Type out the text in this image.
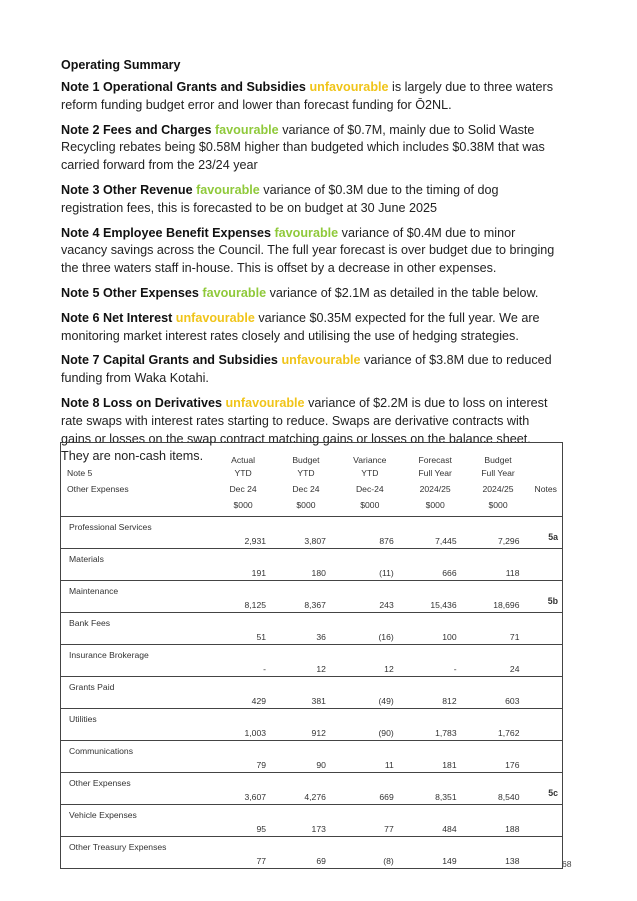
Operating Summary

Note 1 Operational Grants and Subsidies unfavourable is largely due to three waters reform funding budget error and lower than forecast funding for Ō2NL.

Note 2 Fees and Charges favourable variance of $0.7M, mainly due to Solid Waste Recycling rebates being $0.58M higher than budgeted which includes $0.38M that was carried forward from the 23/24 year

Note 3 Other Revenue favourable variance of $0.3M due to the timing of dog registration fees, this is forecasted to be on budget at 30 June 2025

Note 4 Employee Benefit Expenses favourable variance of $0.4M due to minor vacancy savings across the Council. The full year forecast is over budget due to bringing the three waters staff in-house. This is offset by a decrease in other expenses.

Note 5 Other Expenses favourable variance of $2.1M as detailed in the table below.

Note 6 Net Interest unfavourable variance $0.35M expected for the full year. We are monitoring market interest rates closely and utilising the use of hedging strategies.

Note 7 Capital Grants and Subsidies unfavourable variance of $3.8M due to reduced funding from Waka Kotahi.

Note 8 Loss on Derivatives unfavourable variance of $2.2M is due to loss on interest rate swaps with interest rates starting to reduce. Swaps are derivative contracts with gains or losses on the swap contract matching gains or losses on the balance sheet. They are non-cash items.

		Actual	Budget	Variance	Forecast	Budget	
Note 5	YTD	YTD	YTD	Full Year	Full Year	
Other Expenses	Dec 24	Dec 24	Dec-24	2024/25	2024/25	Notes
	$000	$000	$000	$000	$000	
Professional Services	2,931	3,807	876	7,445	7,296	5a
Materials	191	180	(11)	666	118	
Maintenance	8,125	8,367	243	15,436	18,696	5b
Bank Fees	51	36	(16)	100	71	
Insurance Brokerage	-	12	12	-	24	
Grants Paid	429	381	(49)	812	603	
Utilities	1,003	912	(90)	1,783	1,762	
Communications	79	90	11	181	176	
Other Expenses	3,607	4,276	669	8,351	8,540	5c
Vehicle Expenses	95	173	77	484	188	
Other Treasury Expenses	77	69	(8)	149	138		68
